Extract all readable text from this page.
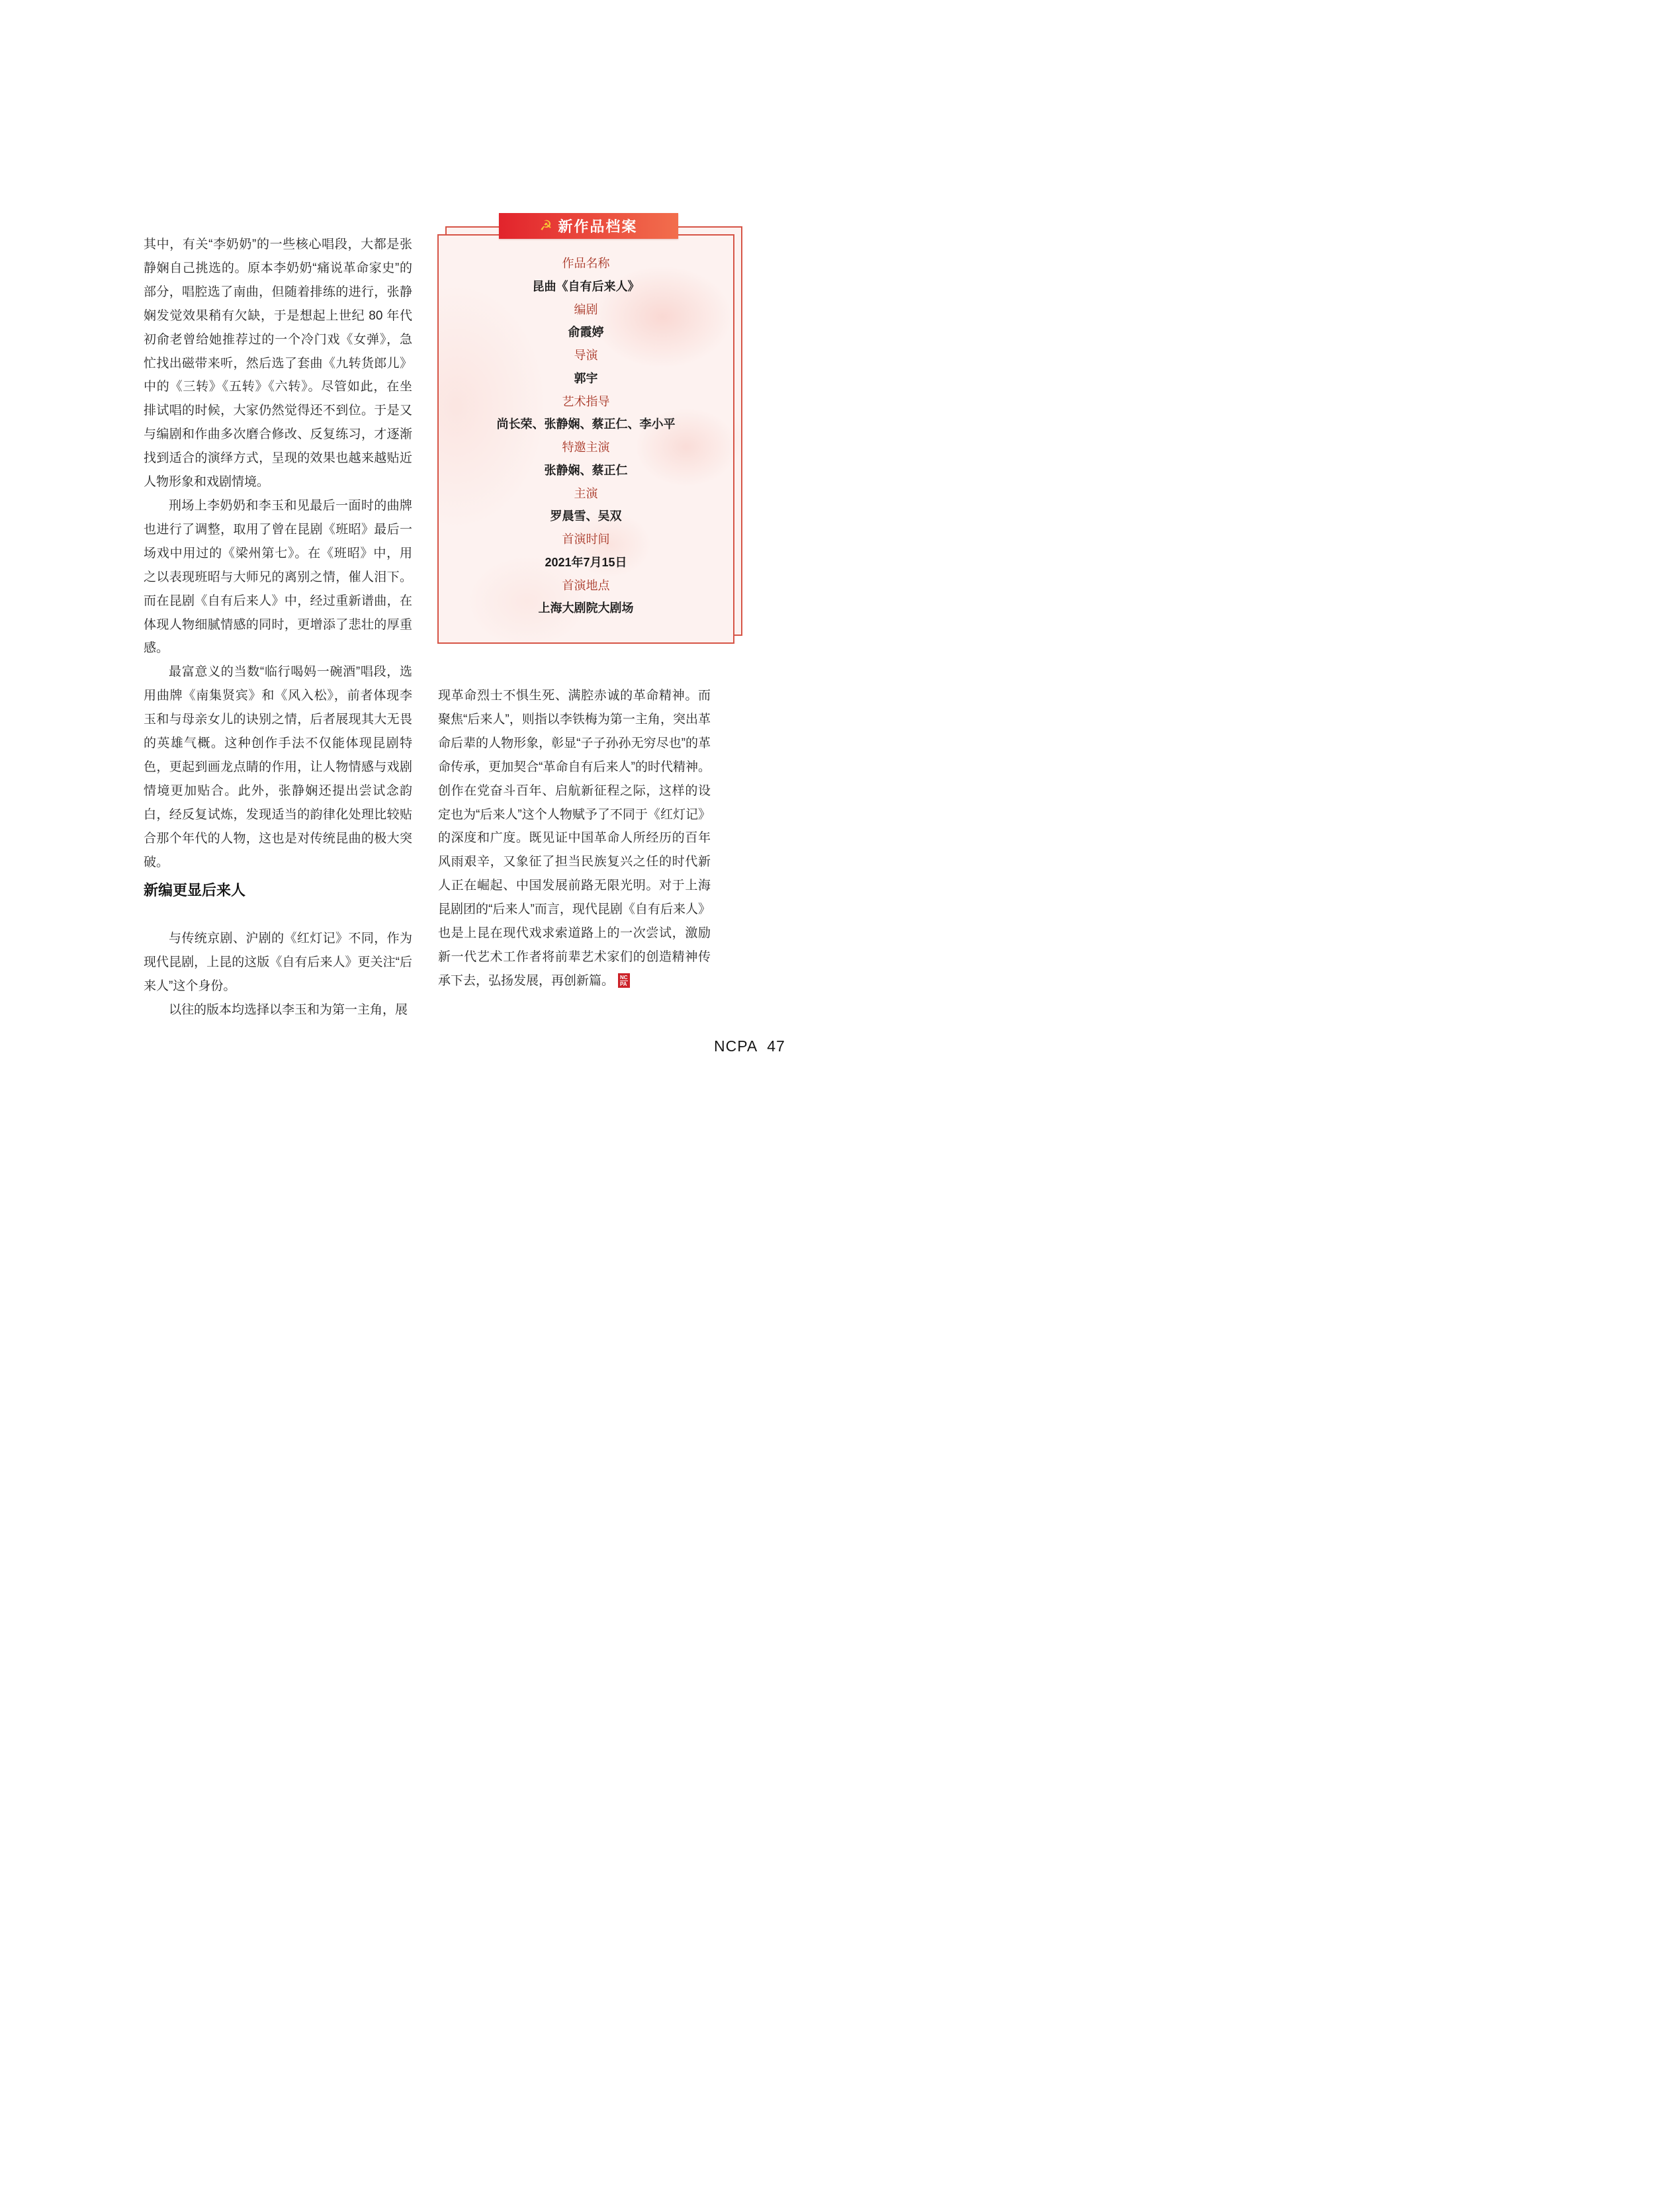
作品名称
昆曲《自有后来人》
编剧
俞霞婷
导演
郭宇
艺术指导
尚长荣、张静娴、蔡正仁、李小平
特邀主演
张静娴、蔡正仁
主演
罗晨雪、吴双
首演时间
2021年7月15日
首演地点
上海大剧院大剧场
☭ 新作品档案

其中，有关“李奶奶”的一些核心唱段，大都是张静娴自己挑选的。原本李奶奶“痛说革命家史”的部分，唱腔选了南曲，但随着排练的进行，张静娴发觉效果稍有欠缺，于是想起上世纪 80 年代初俞老曾给她推荐过的一个冷门戏《女弹》，急忙找出磁带来听，然后选了套曲《九转货郎儿》中的《三转》《五转》《六转》。尽管如此，在坐排试唱的时候，大家仍然觉得还不到位。于是又与编剧和作曲多次磨合修改、反复练习，才逐渐找到适合的演绎方式，呈现的效果也越来越贴近人物形象和戏剧情境。

刑场上李奶奶和李玉和见最后一面时的曲牌也进行了调整，取用了曾在昆剧《班昭》最后一场戏中用过的《梁州第七》。在《班昭》中，用之以表现班昭与大师兄的离别之情，催人泪下。而在昆剧《自有后来人》中，经过重新谱曲，在体现人物细腻情感的同时，更增添了悲壮的厚重感。

最富意义的当数“临行喝妈一碗酒”唱段，选用曲牌《南集贤宾》和《风入松》，前者体现李玉和与母亲女儿的诀别之情，后者展现其大无畏的英雄气概。这种创作手法不仅能体现昆剧特色，更起到画龙点睛的作用，让人物情感与戏剧情境更加贴合。此外，张静娴还提出尝试念韵白，经反复试炼，发现适当的韵律化处理比较贴合那个年代的人物，这也是对传统昆曲的极大突破。

新编更显后来人

与传统京剧、沪剧的《红灯记》不同，作为现代昆剧，上昆的这版《自有后来人》更关注“后来人”这个身份。

以往的版本均选择以李玉和为第一主角，展

现革命烈士不惧生死、满腔赤诚的革命精神。而聚焦“后来人”，则指以李铁梅为第一主角，突出革命后辈的人物形象，彰显“子子孙孙无穷尽也”的革命传承，更加契合“革命自有后来人”的时代精神。创作在党奋斗百年、启航新征程之际，这样的设定也为“后来人”这个人物赋予了不同于《红灯记》的深度和广度。既见证中国革命人所经历的百年风雨艰辛，又象征了担当民族复兴之任的时代新人正在崛起、中国发展前路无限光明。对于上海昆剧团的“后来人”而言，现代昆剧《自有后来人》也是上昆在现代戏求索道路上的一次尝试，激励新一代艺术工作者将前辈艺术家们的创造精神传承下去，弘扬发展，再创新篇。 $\frac{NC}{PA}$

NCPA 47
